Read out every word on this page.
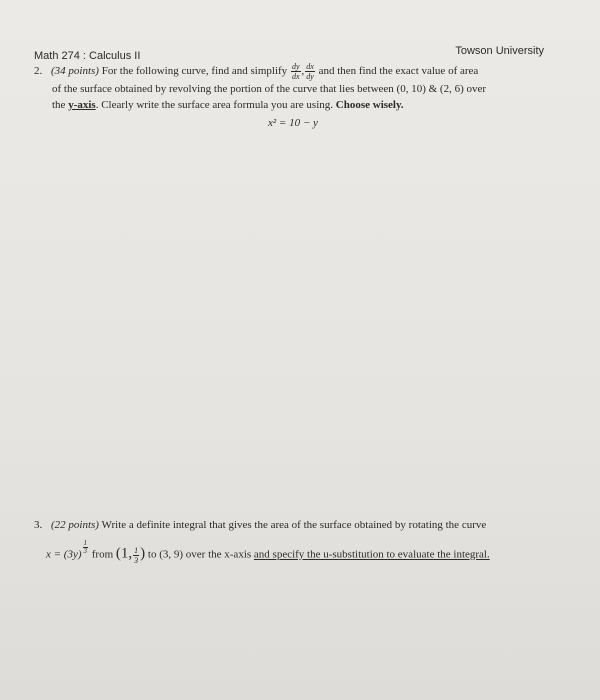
Math 274 : Calculus II	Towson University
2. (34 points) For the following curve, find and simplify $\frac{dy}{dx}$ , $\frac{dx}{dy}$ and then find the exact value of area
of the surface obtained by revolving the portion of the curve that lies between (0, 10) & (2, 6) over
the y-axis. Clearly write the surface area formula you are using. Choose wisely.
x² = 10 − y
3. (22 points) Write a definite integral that gives the area of the surface obtained by rotating the curve
$x = (3y) \frac{1}{3}$ from (1, $\frac{1}{3}$ ) to (3, 9) over the x-axis and specify the u-substitution to evaluate the integral.
